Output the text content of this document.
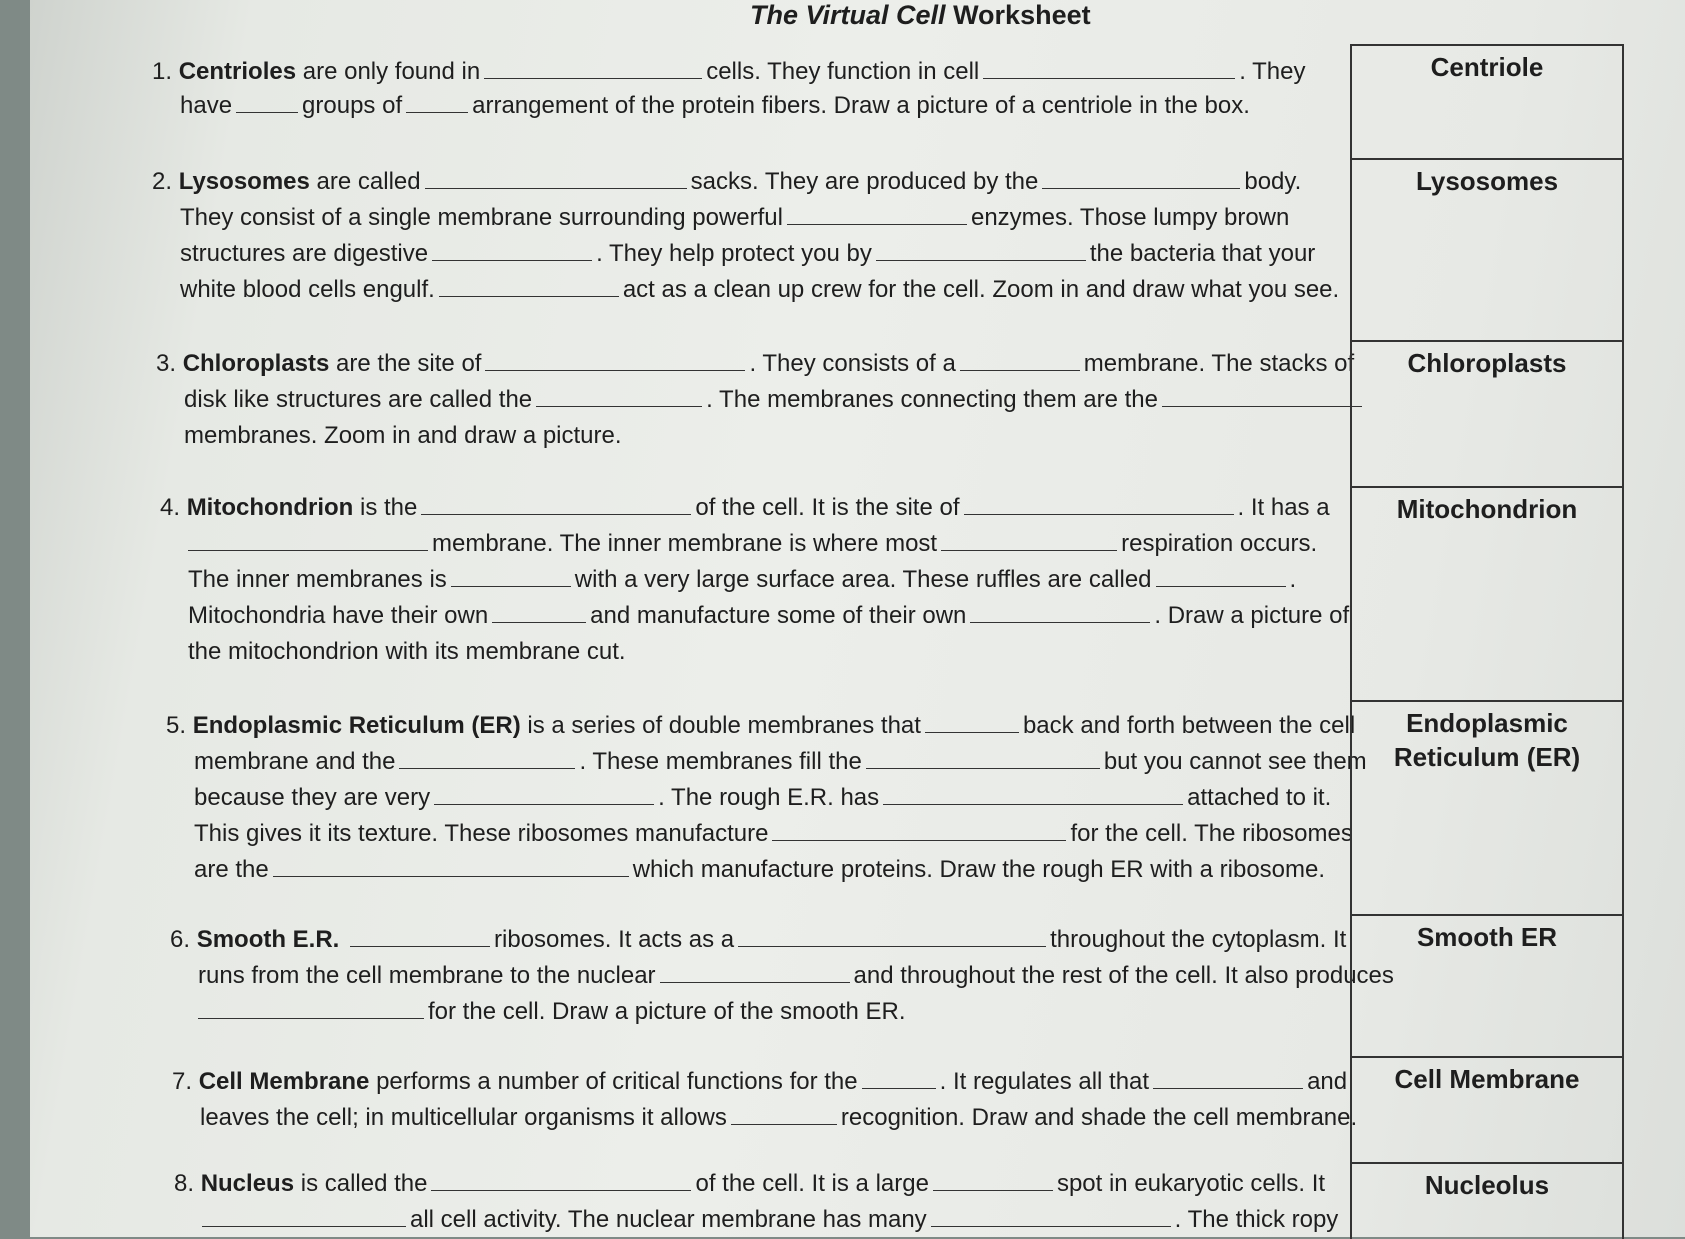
The Virtual Cell Worksheet
1. Centrioles are only found in	cells. They function in cell	. They
have	groups of	arrangement of the protein fibers. Draw a picture of a centriole in the box.
2. Lysosomes are called	sacks. They are produced by the	body.
They consist of a single membrane surrounding powerful	enzymes. Those lumpy brown
structures are digestive	. They help protect you by	the bacteria that your
white blood cells engulf.	act as a clean up crew for the cell. Zoom in and draw what you see.
3. Chloroplasts are the site of	. They consists of a	membrane. The stacks of
disk like structures are called the	. The membranes connecting them are the
membranes. Zoom in and draw a picture.
4. Mitochondrion is the	of the cell. It is the site of	. It has a
membrane. The inner membrane is where most	respiration occurs.
The inner membranes is	with a very large surface area. These ruffles are called	.
Mitochondria have their own	and manufacture some of their own	. Draw a picture of
the mitochondrion with its membrane cut.
5. Endoplasmic Reticulum (ER) is a series of double membranes that	back and forth between the cell
membrane and the	. These membranes fill the	but you cannot see them
because they are very	. The rough E.R. has	attached to it.
This gives it its texture. These ribosomes manufacture	for the cell. The ribosomes
are the	which manufacture proteins. Draw the rough ER with a ribosome.
6. Smooth E.R.	ribosomes. It acts as a	throughout the cytoplasm. It
runs from the cell membrane to the nuclear	and throughout the rest of the cell. It also produces
for the cell. Draw a picture of the smooth ER.
7. Cell Membrane performs a number of critical functions for the	. It regulates all that	and
leaves the cell; in multicellular organisms it allows	recognition. Draw and shade the cell membrane.
8. Nucleus is called the	of the cell. It is a large	spot in eukaryotic cells. It
all cell activity. The nuclear membrane has many	. The thick ropy
Centriole
Lysosomes
Chloroplasts
Mitochondrion
Endoplasmic Reticulum (ER)
Smooth ER
Cell Membrane
Nucleolus
